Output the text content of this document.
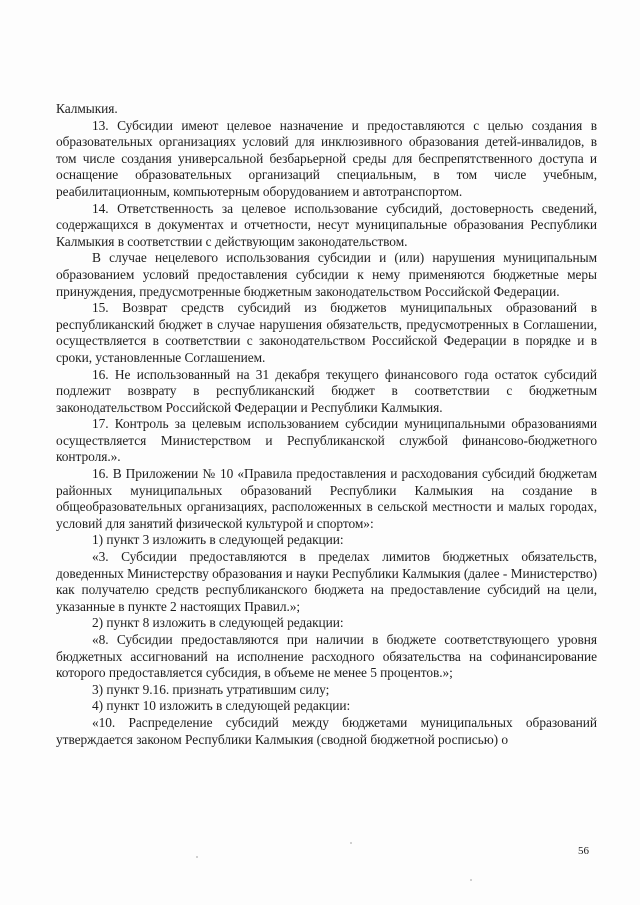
Калмыкия.

13. Субсидии имеют целевое назначение и предоставляются с целью создания в образовательных организациях условий для инклюзивного образования детей-инвалидов, в том числе создания универсальной безбарьерной среды для беспрепятственного доступа и оснащение образовательных организаций специальным, в том числе учебным, реабилитационным, компьютерным оборудованием и автотранспортом.

14. Ответственность за целевое использование субсидий, достоверность сведений, содержащихся в документах и отчетности, несут муниципальные образования Республики Калмыкия в соответствии с действующим законодательством.

В случае нецелевого использования субсидии и (или) нарушения муниципальным образованием условий предоставления субсидии к нему применяются бюджетные меры принуждения, предусмотренные бюджетным законодательством Российской Федерации.

15. Возврат средств субсидий из бюджетов муниципальных образований в республиканский бюджет в случае нарушения обязательств, предусмотренных в Соглашении, осуществляется в соответствии с законодательством Российской Федерации в порядке и в сроки, установленные Соглашением.

16. Не использованный на 31 декабря текущего финансового года остаток субсидий подлежит возврату в республиканский бюджет в соответствии с бюджетным законодательством Российской Федерации и Республики Калмыкия.

17. Контроль за целевым использованием субсидии муниципальными образованиями осуществляется Министерством и Республиканской службой финансово-бюджетного контроля.».

16. В Приложении № 10 «Правила предоставления и расходования субсидий бюджетам районных муниципальных образований Республики Калмыкия на создание в общеобразовательных организациях, расположенных в сельской местности и малых городах, условий для занятий физической культурой и спортом»:

1) пункт 3 изложить в следующей редакции:

«3. Субсидии предоставляются в пределах лимитов бюджетных обязательств, доведенных Министерству образования и науки Республики Калмыкия (далее - Министерство) как получателю средств республиканского бюджета на предоставление субсидий на цели, указанные в пункте 2 настоящих Правил.»;

2) пункт 8 изложить в следующей редакции:

«8. Субсидии предоставляются при наличии в бюджете соответствующего уровня бюджетных ассигнований на исполнение расходного обязательства на софинансирование которого предоставляется субсидия, в объеме не менее 5 процентов.»;

3) пункт 9.16. признать утратившим силу;

4) пункт 10 изложить в следующей редакции:

«10. Распределение субсидий между бюджетами муниципальных образований утверждается законом Республики Калмыкия (сводной бюджетной росписью) о

56
